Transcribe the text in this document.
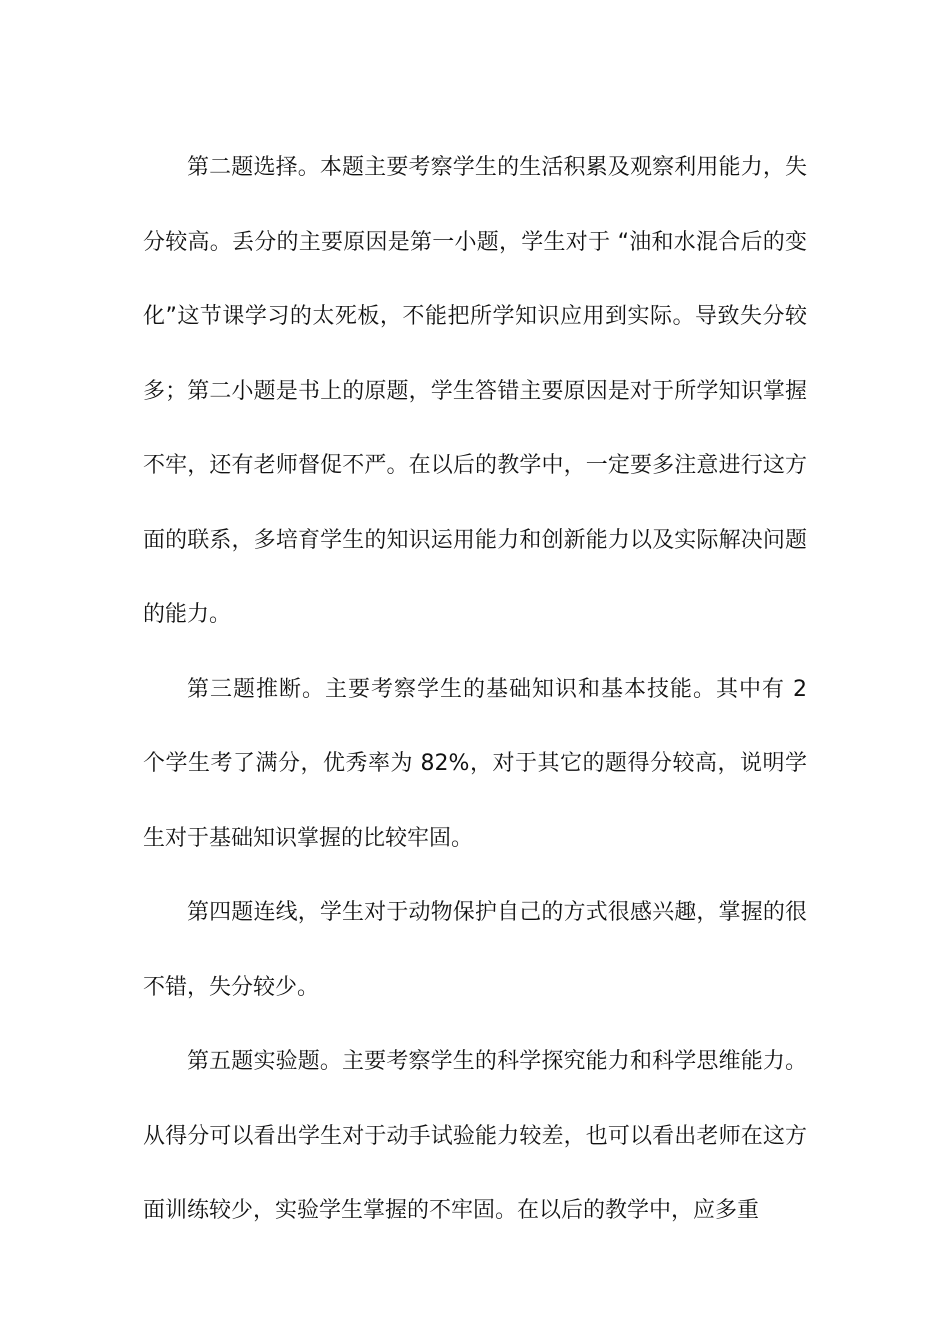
第二题选择。本题主要考察学生的生活积累及观察利用能力，失分较高。丢分的主要原因是第一小题，学生对于 “油和水混合后的变化”这节课学习的太死板，不能把所学知识应用到实际。导致失分较多；第二小题是书上的原题，学生答错主要原因是对于所学知识掌握不牢，还有老师督促不严。在以后的教学中，一定要多注意进行这方面的联系，多培育学生的知识运用能力和创新能力以及实际解决问题的能力。

第三题推断。主要考察学生的基础知识和基本技能。其中有 2 个学生考了满分，优秀率为 82%，对于其它的题得分较高，说明学生对于基础知识掌握的比较牢固。

第四题连线，学生对于动物保护自己的方式很感兴趣，掌握的很不错，失分较少。

第五题实验题。主要考察学生的科学探究能力和科学思维能力。从得分可以看出学生对于动手试验能力较差，也可以看出老师在这方面训练较少，实验学生掌握的不牢固。在以后的教学中，应多重
